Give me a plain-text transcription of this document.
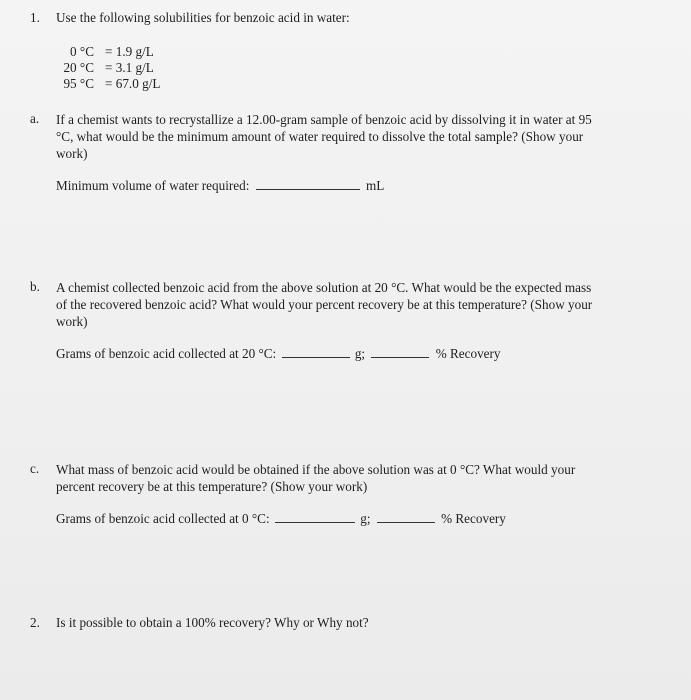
1. Use the following solubilities for benzoic acid in water:
0 °C = 1.9 g/L
20 °C = 3.1 g/L
95 °C = 67.0 g/L
a. If a chemist wants to recrystallize a 12.00-gram sample of benzoic acid by dissolving it in water at 95
°C, what would be the minimum amount of water required to dissolve the total sample? (Show your
work)
Minimum volume of water required:	mL
b. A chemist collected benzoic acid from the above solution at 20 °C. What would be the expected mass
of the recovered benzoic acid? What would your percent recovery be at this temperature? (Show your
work)
Grams of benzoic acid collected at 20 °C:	g;	% Recovery
c. What mass of benzoic acid would be obtained if the above solution was at 0 °C? What would your
percent recovery be at this temperature? (Show your work)
Grams of benzoic acid collected at 0 °C:	g;	% Recovery
2. Is it possible to obtain a 100% recovery? Why or Why not?
